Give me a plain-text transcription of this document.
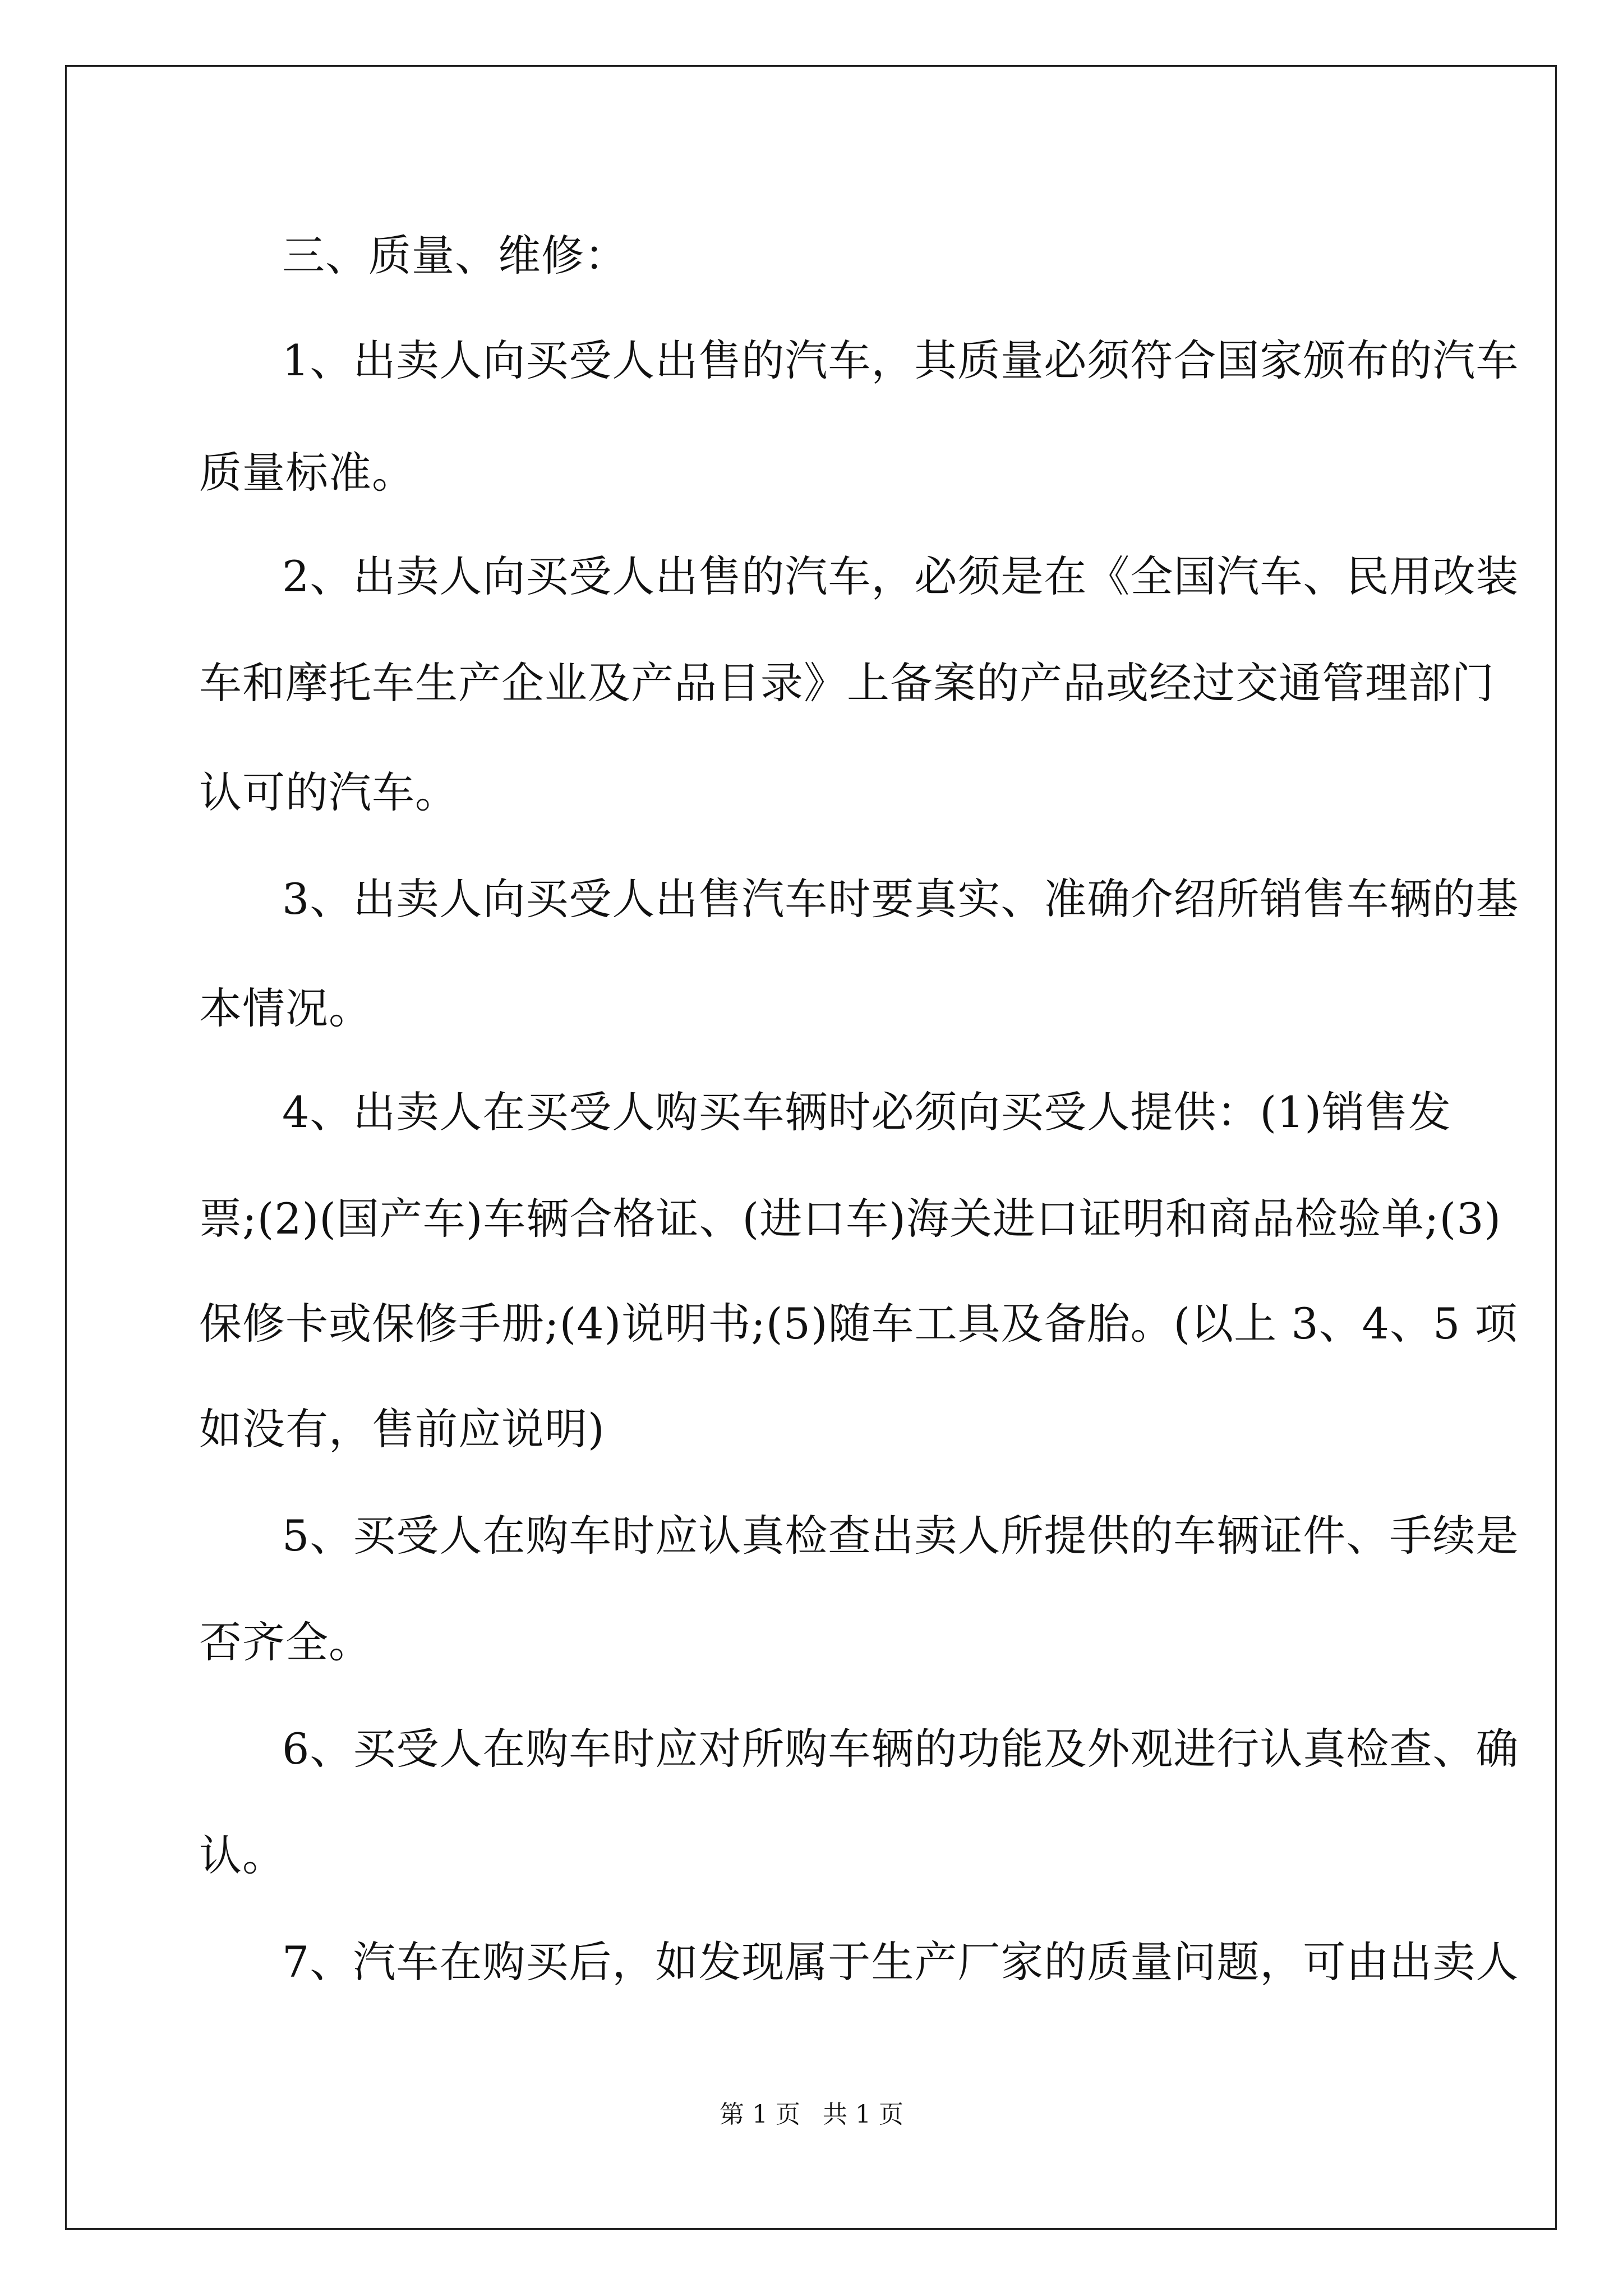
三、质量、维修：
1、出卖人向买受人出售的汽车，其质量必须符合国家颁布的汽车
质量标准。
2、出卖人向买受人出售的汽车，必须是在《全国汽车、民用改装
车和摩托车生产企业及产品目录》上备案的产品或经过交通管理部门
认可的汽车。
3、出卖人向买受人出售汽车时要真实、准确介绍所销售车辆的基
本情况。
4、出卖人在买受人购买车辆时必须向买受人提供：(1)销售发
票;(2)(国产车)车辆合格证、(进口车)海关进口证明和商品检验单;(3)
保修卡或保修手册;(4)说明书;(5)随车工具及备胎。(以上 3、4、5 项
如没有，售前应说明)
5、买受人在购车时应认真检查出卖人所提供的车辆证件、手续是
否齐全。
6、买受人在购车时应对所购车辆的功能及外观进行认真检查、确
认。
7、汽车在购买后，如发现属于生产厂家的质量问题，可由出卖人
第 1 页 共 1 页
